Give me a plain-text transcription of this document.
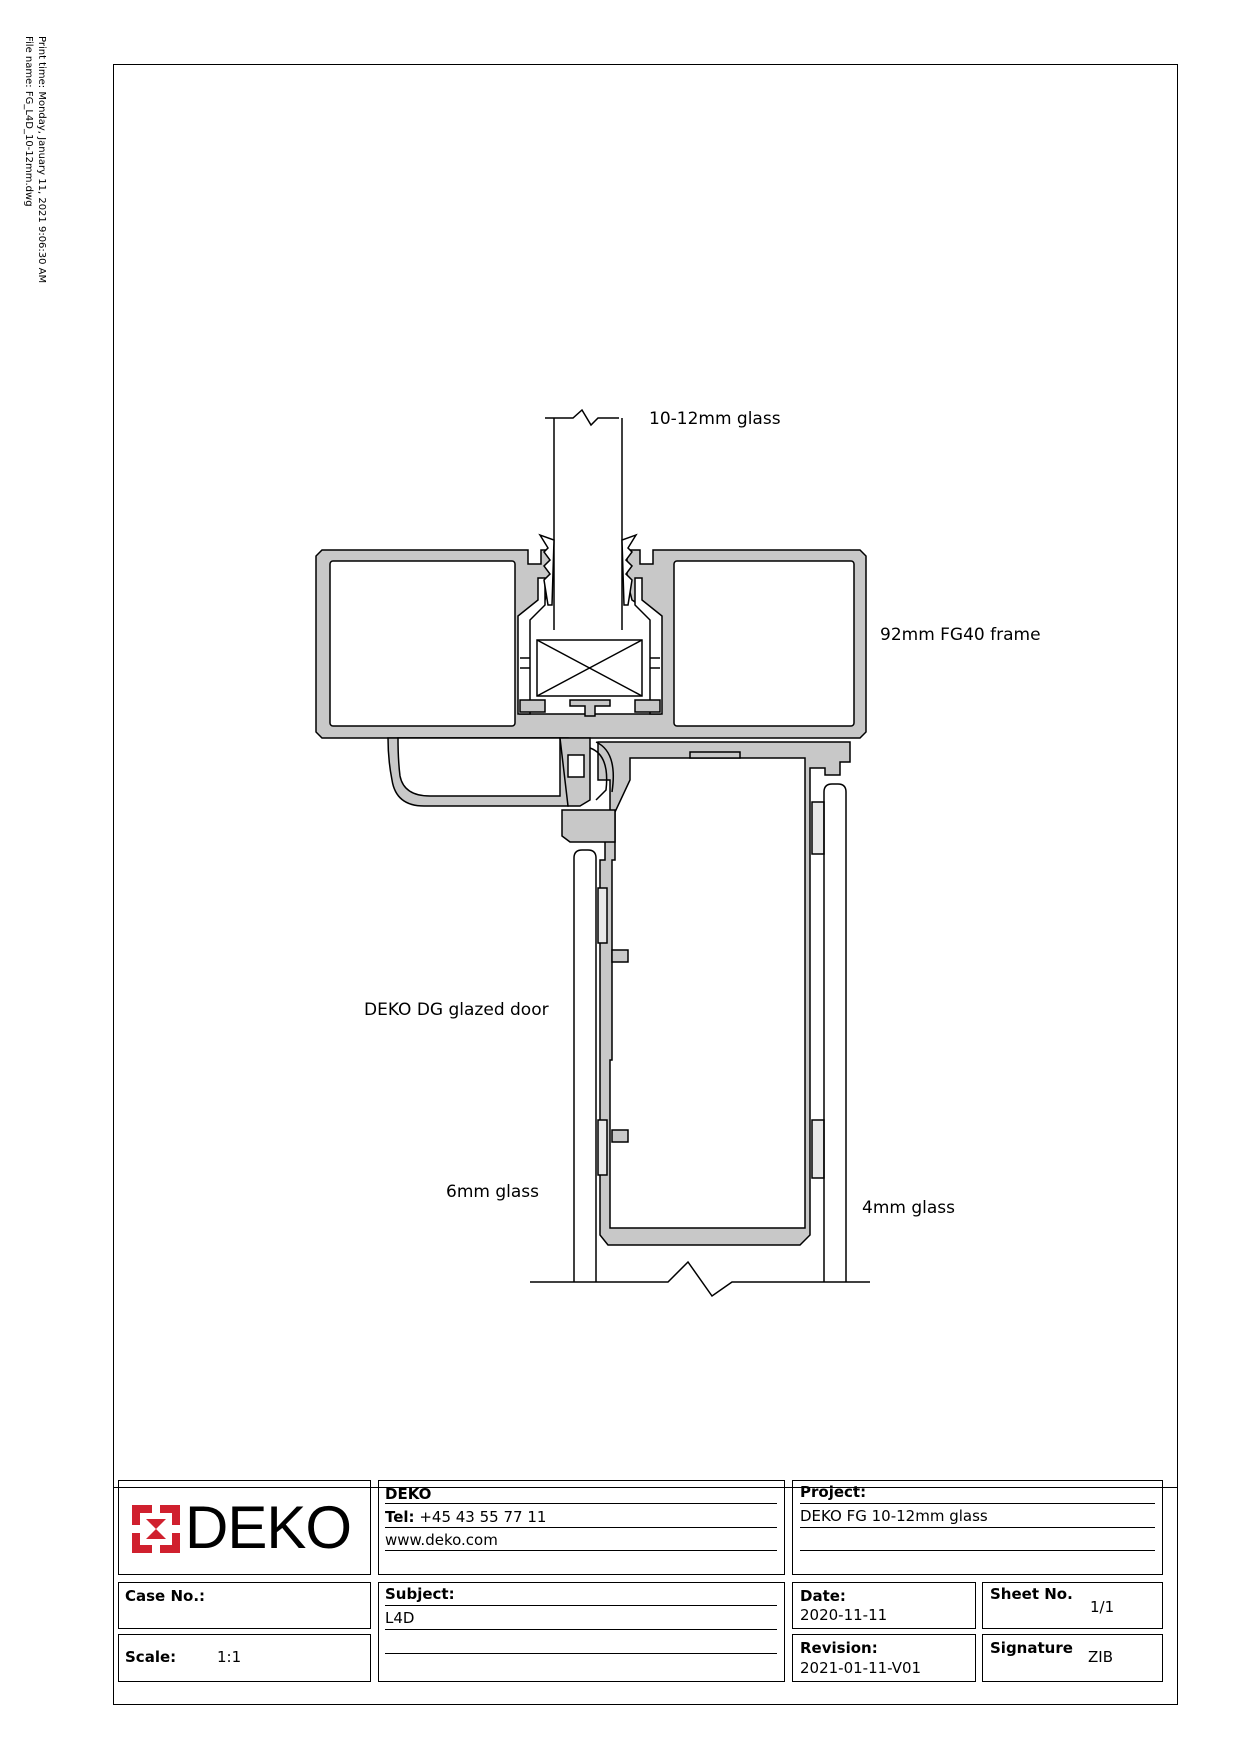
Print time: Monday, January 11, 2021 9:06:30 AM
File name: FG_L4D_10-12mm.dwg
10-12mm glass
92mm FG40 frame
DEKO DG glazed door
6mm glass
4mm glass
DEKO DEKO
Tel: +45 43 55 77 11
www.deko.com
Project:
DEKO FG 10-12mm glass
Case No.:
Scale:	1:1
Subject:
L4D
Date:
2020-11-11
Sheet No.
1/1
Revision:
2021-01-11-V01
Signature ZIB
